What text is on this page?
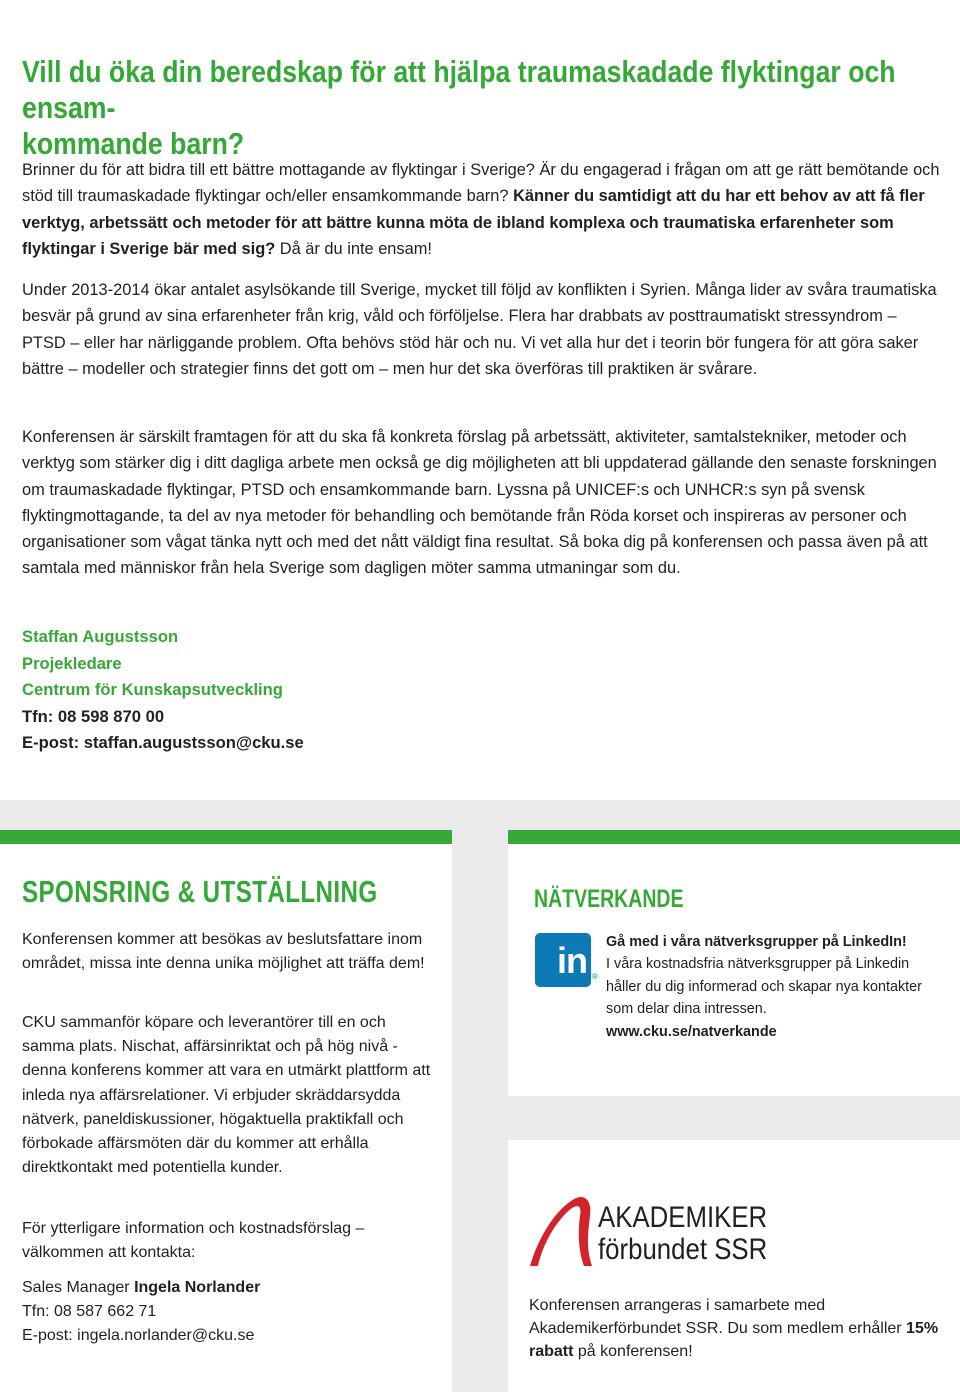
Vill du öka din beredskap för att hjälpa traumaskadade flyktingar och ensam-
kommande barn?
Brinner du för att bidra till ett bättre mottagande av flyktingar i Sverige? Är du engagerad i frågan om att ge rätt bemötande och stöd till traumaskadade flyktingar och/eller ensamkommande barn? Känner du samtidigt att du har ett behov av att få fler verktyg, arbetssätt och metoder för att bättre kunna möta de ibland komplexa och traumatiska erfarenheter som flyktingar i Sverige bär med sig? Då är du inte ensam!
Under 2013-2014 ökar antalet asylsökande till Sverige, mycket till följd av konflikten i Syrien. Många lider av svåra traumatiska besvär på grund av sina erfarenheter från krig, våld och förföljelse. Flera har drabbats av posttraumatiskt stressyndrom – PTSD – eller har närliggande problem. Ofta behövs stöd här och nu. Vi vet alla hur det i teorin bör fungera för att göra saker bättre – modeller och strategier finns det gott om – men hur det ska överföras till praktiken är svårare.
Konferensen är särskilt framtagen för att du ska få konkreta förslag på arbetssätt, aktiviteter, samtalstekniker, metoder och verktyg som stärker dig i ditt dagliga arbete men också ge dig möjligheten att bli uppdaterad gällande den senaste forskningen om traumaskadade flyktingar, PTSD och ensamkommande barn. Lyssna på UNICEF:s och UNHCR:s syn på svensk flyktingmottagande, ta del av nya metoder för behandling och bemötande från Röda korset och inspireras av personer och organisationer som vågat tänka nytt och med det nått väldigt fina resultat. Så boka dig på konferensen och passa även på att samtala med människor från hela Sverige som dagligen möter samma utmaningar som du.
Staffan Augustsson
Projekledare
Centrum för Kunskapsutveckling
Tfn: 08 598 870 00
E-post: staffan.augustsson@cku.se
SPONSRING & UTSTÄLLNING
Konferensen kommer att besökas av beslutsfattare inom området, missa inte denna unika möjlighet att träffa dem!
CKU sammanför köpare och leverantörer till en och samma plats. Nischat, affärsinriktat och på hög nivå - denna konferens kommer att vara en utmärkt plattform att inleda nya affärsrelationer. Vi erbjuder skräddarsydda nätverk, paneldiskussioner, högaktuella praktikfall och förbokade affärsmöten där du kommer att erhålla direktkontakt med potentiella kunder.
För ytterligare information och kostnadsförslag – välkommen att kontakta:
Sales Manager Ingela Norlander
Tfn: 08 587 662 71
E-post: ingela.norlander@cku.se
NÄTVERKANDE
in ®
Gå med i våra nätverksgrupper på LinkedIn!
I våra kostnadsfria nätverksgrupper på Linkedin håller du dig informerad och skapar nya kontakter som delar dina intressen.
www.cku.se/natverkande
AKADEMIKER
förbundet SSR
Konferensen arrangeras i samarbete med Akademikerförbundet SSR. Du som medlem erhåller 15% rabatt på konferensen!
